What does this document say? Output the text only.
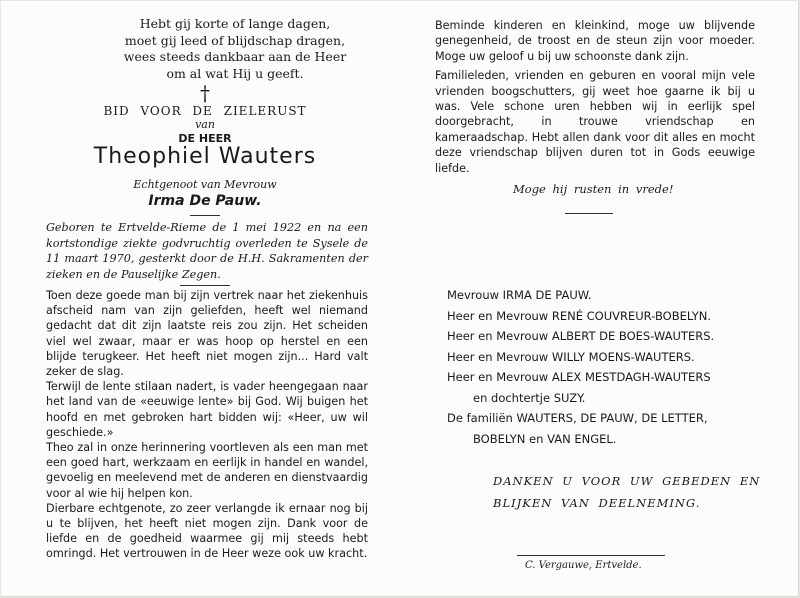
Hebt gij korte of lange dagen,
moet gij leed of blijdschap dragen,
wees steeds dankbaar aan de Heer
om al wat Hij u geeft.
†
BID VOOR DE ZIELERUST
van
DE HEER
Theophiel Wauters
Echtgenoot van Mevrouw
Irma De Pauw.
Geboren te Ertvelde-Rieme de 1 mei 1922 en na een kortstondige ziekte godvruchtig overleden te Sysele de 11 maart 1970, gesterkt door de H.H. Sakramenten der zieken en de Pauselijke Zegen.

Toen deze goede man bij zijn vertrek naar het ziekenhuis afscheid nam van zijn geliefden, heeft wel niemand gedacht dat dit zijn laatste reis zou zijn. Het scheiden viel wel zwaar, maar er was hoop op herstel en een blijde terugkeer. Het heeft niet mogen zijn... Hard valt zeker de slag.

Terwijl de lente stilaan nadert, is vader heengegaan naar het land van de «eeuwige lente» bij God. Wij buigen het hoofd en met gebroken hart bidden wij: «Heer, uw wil geschiede.»

Theo zal in onze herinnering voortleven als een man met een goed hart, werkzaam en eerlijk in handel en wandel, gevoelig en meelevend met de anderen en dienstvaardig voor al wie hij helpen kon.

Dierbare echtgenote, zo zeer verlangde ik ernaar nog bij u te blijven, het heeft niet mogen zijn. Dank voor de liefde en de goedheid waarmee gij mij steeds hebt omringd. Het vertrouwen in de Heer weze ook uw kracht.

Beminde kinderen en kleinkind, moge uw blijvende genegenheid, de troost en de steun zijn voor moeder. Moge uw geloof u bij uw schoonste dank zijn.

Familieleden, vrienden en geburen en vooral mijn vele vrienden boogschutters, gij weet hoe gaarne ik bij u was. Vele schone uren hebben wij in eerlijk spel doorgebracht, in trouwe vriendschap en kameraadschap. Hebt allen dank voor dit alles en mocht deze vriendschap blijven duren tot in Gods eeuwige liefde.

Moge hij rusten in vrede!
Mevrouw IRMA DE PAUW.
Heer en Mevrouw RENÉ COUVREUR-BOBELYN.
Heer en Mevrouw ALBERT DE BOES-WAUTERS.
Heer en Mevrouw WILLY MOENS-WAUTERS.
Heer en Mevrouw ALEX MESTDAGH-WAUTERS
en dochtertje SUZY.
De familiën WAUTERS, DE PAUW, DE LETTER,
BOBELYN en VAN ENGEL.
DANKEN U VOOR UW GEBEDEN EN
BLIJKEN VAN DEELNEMING.
C. Vergauwe, Ertvelde.
